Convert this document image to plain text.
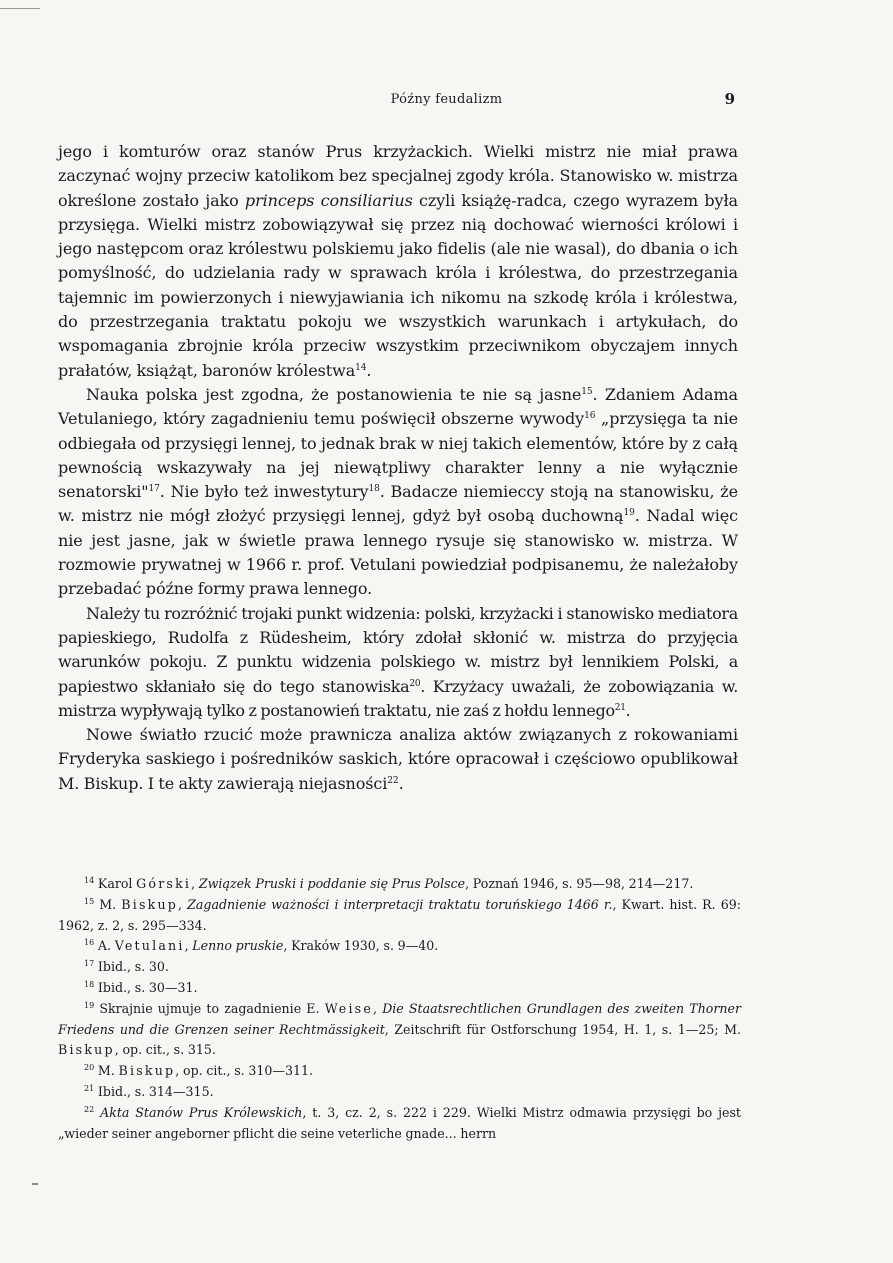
Późny feudalizm	9

jego i komturów oraz stanów Prus krzyżackich. Wielki mistrz nie miał prawa zaczynać wojny przeciw katolikom bez specjalnej zgody króla. Stanowisko w. mistrza określone zostało jako princeps consiliarius czyli książę-radca, czego wyrazem była przysięga. Wielki mistrz zobowiązywał się przez nią dochować wierności królowi i jego następcom oraz królestwu polskiemu jako fidelis (ale nie wasal), do dbania o ich pomyślność, do udzielania rady w sprawach króla i królestwa, do przestrzegania tajemnic im powierzonych i niewyjawiania ich nikomu na szkodę króla i królestwa, do przestrzegania traktatu pokoju we wszystkich warunkach i artykułach, do wspomagania zbrojnie króla przeciw wszystkim przeciwnikom obyczajem innych prałatów, książąt, baronów królestwa$^{14}$.

Nauka polska jest zgodna, że postanowienia te nie są jasne$^{15}$. Zdaniem Adama Vetulaniego, który zagadnieniu temu poświęcił obszerne wywody$^{16}$ „przysięga ta nie odbiegała od przysięgi lennej, to jednak brak w niej takich elementów, które by z całą pewnością wskazywały na jej niewątpliwy charakter lenny a nie wyłącznie senatorski"$^{17}$. Nie było też inwestytury$^{18}$. Badacze niemieccy stoją na stanowisku, że w. mistrz nie mógł złożyć przysięgi lennej, gdyż był osobą duchowną$^{19}$. Nadal więc nie jest jasne, jak w świetle prawa lennego rysuje się stanowisko w. mistrza. W rozmowie prywatnej w 1966 r. prof. Vetulani powiedział podpisanemu, że należałoby przebadać późne formy prawa lennego.

Należy tu rozróżnić trojaki punkt widzenia: polski, krzyżacki i stanowisko mediatora papieskiego, Rudolfa z Rüdesheim, który zdołał skłonić w. mistrza do przyjęcia warunków pokoju. Z punktu widzenia polskiego w. mistrz był lennikiem Polski, a papiestwo skłaniało się do tego stanowiska$^{20}$. Krzyżacy uważali, że zobowiązania w. mistrza wypływają tylko z postanowień traktatu, nie zaś z hołdu lennego$^{21}$.

Nowe światło rzucić może prawnicza analiza aktów związanych z rokowaniami Fryderyka saskiego i pośredników saskich, które opracował i częściowo opublikował M. Biskup. I te akty zawierają niejasności$^{22}$.

$^{14}$ Karol Górski, Związek Pruski i poddanie się Prus Polsce, Poznań 1946, s. 95—98, 214—217.

$^{15}$ M. Biskup, Zagadnienie ważności i interpretacji traktatu toruńskiego 1466 r., Kwart. hist. R. 69: 1962, z. 2, s. 295—334.

$^{16}$ A. Vetulani, Lenno pruskie, Kraków 1930, s. 9—40.

$^{17}$ Ibid., s. 30.

$^{18}$ Ibid., s. 30—31.

$^{19}$ Skrajnie ujmuje to zagadnienie E. Weise, Die Staatsrechtlichen Grundlagen des zweiten Thorner Friedens und die Grenzen seiner Rechtmässigkeit, Zeitschrift für Ostforschung 1954, H. 1, s. 1—25; M. Biskup, op. cit., s. 315.

$^{20}$ M. Biskup, op. cit., s. 310—311.

$^{21}$ Ibid., s. 314—315.

$^{22}$ Akta Stanów Prus Królewskich, t. 3, cz. 2, s. 222 i 229. Wielki Mistrz odmawia przysięgi bo jest „wieder seiner angeborner pflicht die seine veterliche gnade... herrn
